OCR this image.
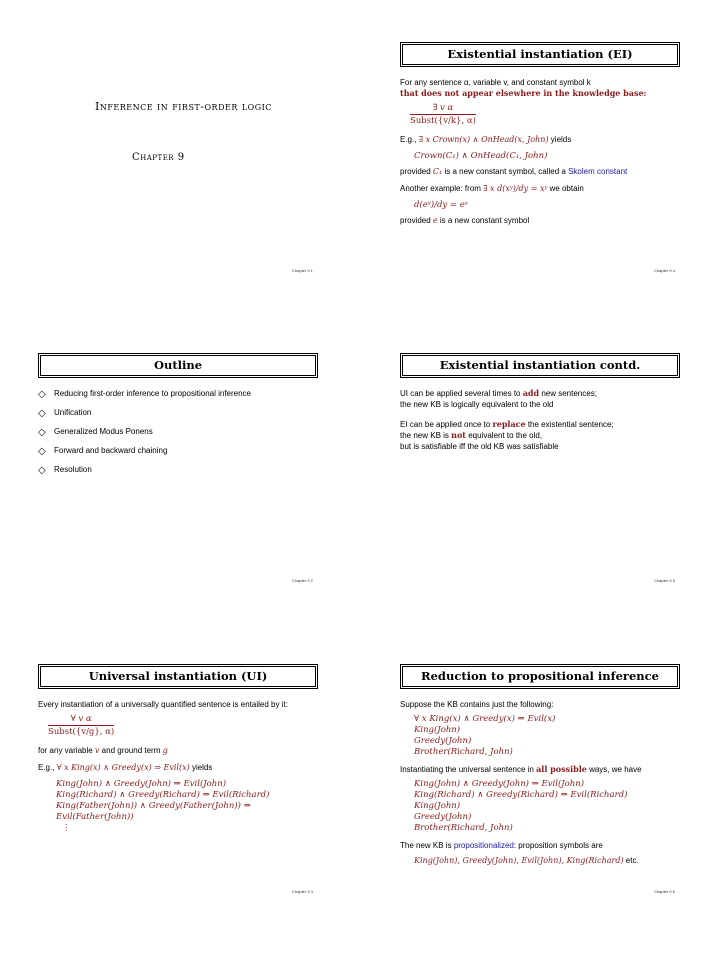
Inference in first-order logic
Chapter 9
Chapter 9 1
Existential instantiation (EI)
For any sentence α, variable v, and constant symbol k
that does not appear elsewhere in the knowledge base:
$\frac{\text{∃ v α}}{\text{Subst(\{v/k\}, α)}}$
E.g., ∃ x Crown(x) ∧ OnHead(x, John) yields
Crown(C₁) ∧ OnHead(C₁, John)
provided C₁ is a new constant symbol, called a Skolem constant
Another example: from ∃ x d(xʸ)/dy = xʸ we obtain
d(eʸ)/dy = eʸ
provided e is a new constant symbol
Chapter 9 4
Outline
◇ Reducing first-order inference to propositional inference
◇ Unification
◇ Generalized Modus Ponens
◇ Forward and backward chaining
◇ Resolution
Chapter 9 2
Existential instantiation contd.
UI can be applied several times to add new sentences;
the new KB is logically equivalent to the old
EI can be applied once to replace the existential sentence;
the new KB is not equivalent to the old,
but is satisfiable iff the old KB was satisfiable
Chapter 9 5
Universal instantiation (UI)
Every instantiation of a universally quantified sentence is entailed by it:
$\frac{\text{∀ v α}}{\text{Subst(\{v/g\}, α)}}$
for any variable v and ground term g
E.g., ∀ x King(x) ∧ Greedy(x) ⇒ Evil(x) yields
King(John) ∧ Greedy(John) ⇒ Evil(John)
King(Richard) ∧ Greedy(Richard) ⇒ Evil(Richard)
King(Father(John)) ∧ Greedy(Father(John)) ⇒ Evil(Father(John))
⋮
Chapter 9 3
Reduction to propositional inference
Suppose the KB contains just the following:
∀ x King(x) ∧ Greedy(x) ⇒ Evil(x)
King(John)
Greedy(John)
Brother(Richard, John)
Instantiating the universal sentence in all possible ways, we have
King(John) ∧ Greedy(John) ⇒ Evil(John)
King(Richard) ∧ Greedy(Richard) ⇒ Evil(Richard)
King(John)
Greedy(John)
Brother(Richard, John)
The new KB is propositionalized: proposition symbols are
King(John), Greedy(John), Evil(John), King(Richard) etc.
Chapter 9 6
